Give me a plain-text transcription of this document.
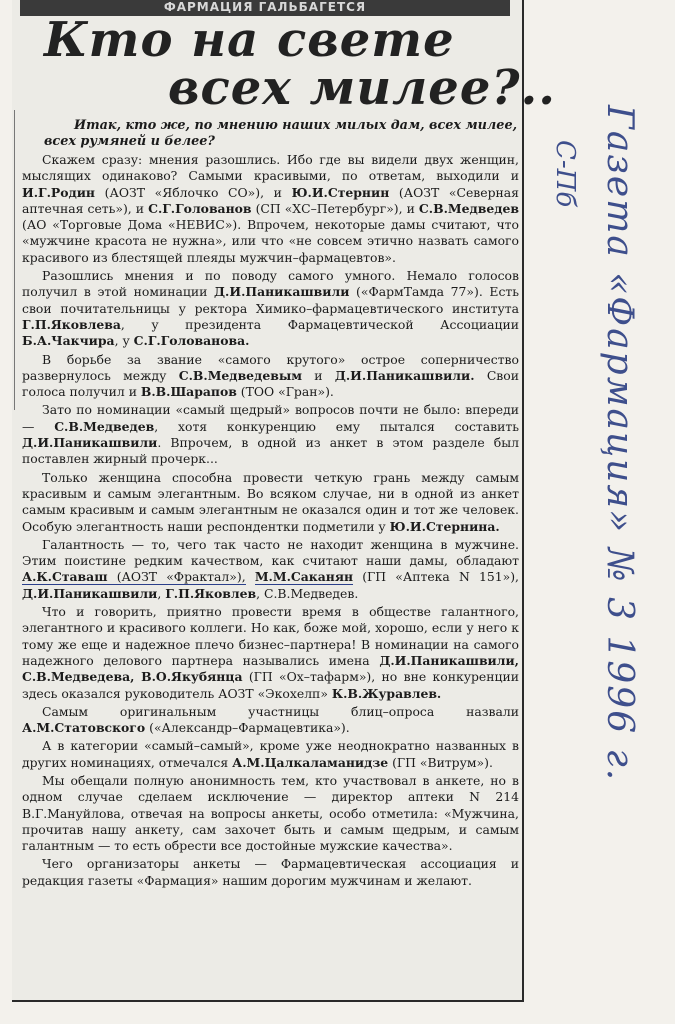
ФАРМАЦИЯ ГАЛЬБАГЕТСЯ
Кто на свете
всех милее?..
Итак, кто же, по мнению наших милых дам, всех милее, всех румяней и белее?

Скажем сразу: мнения разошлись. Ибо где вы видели двух женщин, мыслящих одинаково? Самыми красивыми, по ответам, выходили и И.Г.Родин (АОЗТ «Яблочко СО»), и Ю.И.Стернин (АОЗТ «Северная аптечная сеть»), и С.Г.Голованов (СП «ХС–Петербург»), и С.В.Медведев (АО «Торговые Дома «НЕВИС»). Впрочем, некоторые дамы считают, что «мужчине красота не нужна», или что «не совсем этично назвать самого красивого из блестящей плеяды мужчин–фармацевтов».

Разошлись мнения и по поводу самого умного. Немало голосов получил в этой номинации Д.И.Паникашвили («ФармТамда 77»). Есть свои почитательницы у ректора Химико–фармацевтического института Г.П.Яковлева, у президента Фармацевтической Ассоциации Б.А.Чакчира, у С.Г.Голованова.

В борьбе за звание «самого крутого» острое соперничество развернулось между С.В.Медведевым и Д.И.Паникашвили. Свои голоса получил и В.В.Шарапов (ТОО «Гран»).

Зато по номинации «самый щедрый» вопросов почти не было: впереди — С.В.Медведев, хотя конкуренцию ему пытался составить Д.И.Паникашвили. Впрочем, в одной из анкет в этом разделе был поставлен жирный прочерк...

Только женщина способна провести четкую грань между самым красивым и самым элегантным. Во всяком случае, ни в одной из анкет самым красивым и самым элегантным не оказался один и тот же человек. Особую элегантность наши респондентки подметили у Ю.И.Стернина.

Галантность — то, чего так часто не находит женщина в мужчине. Этим поистине редким качеством, как считают наши дамы, обладают А.К.Ставаш (АОЗТ «Фрактал»), М.М.Саканян (ГП «Аптека N 151»), Д.И.Паникашвили, Г.П.Яковлев, С.В.Медведев.

Что и говорить, приятно провести время в обществе галантного, элегантного и красивого коллеги. Но как, боже мой, хорошо, если у него к тому же еще и надежное плечо бизнес–партнера! В номинации на самого надежного делового партнера назывались имена Д.И.Паникашвили, С.В.Медведева, В.О.Якубянца (ГП «Ох–тафарм»), но вне конкуренции здесь оказался руководитель АОЗТ «Экохелп» К.В.Журавлев.

Самым оригинальным участницы блиц–опроса назвали А.М.Статовского («Александр–Фармацевтика»).

А в категории «самый–самый», кроме уже неоднократно названных в других номинациях, отмечался А.М.Цалкаламанидзе (ГП «Витрум»).

Мы обещали полную анонимность тем, кто участвовал в анкете, но в одном случае сделаем исключение — директор аптеки N 214 В.Г.Мануйлова, отвечая на вопросы анкеты, особо отметила: «Мужчина, прочитав нашу анкету, сам захочет быть и самым щедрым, и самым галантным — то есть обрести все достойные мужские качества».

Чего организаторы анкеты — Фармацевтическая ассоциация и редакция газеты «Фармация» нашим дорогим мужчинам и желают.

Газета «Фармация» № 3 1996 г.
С-Пб
